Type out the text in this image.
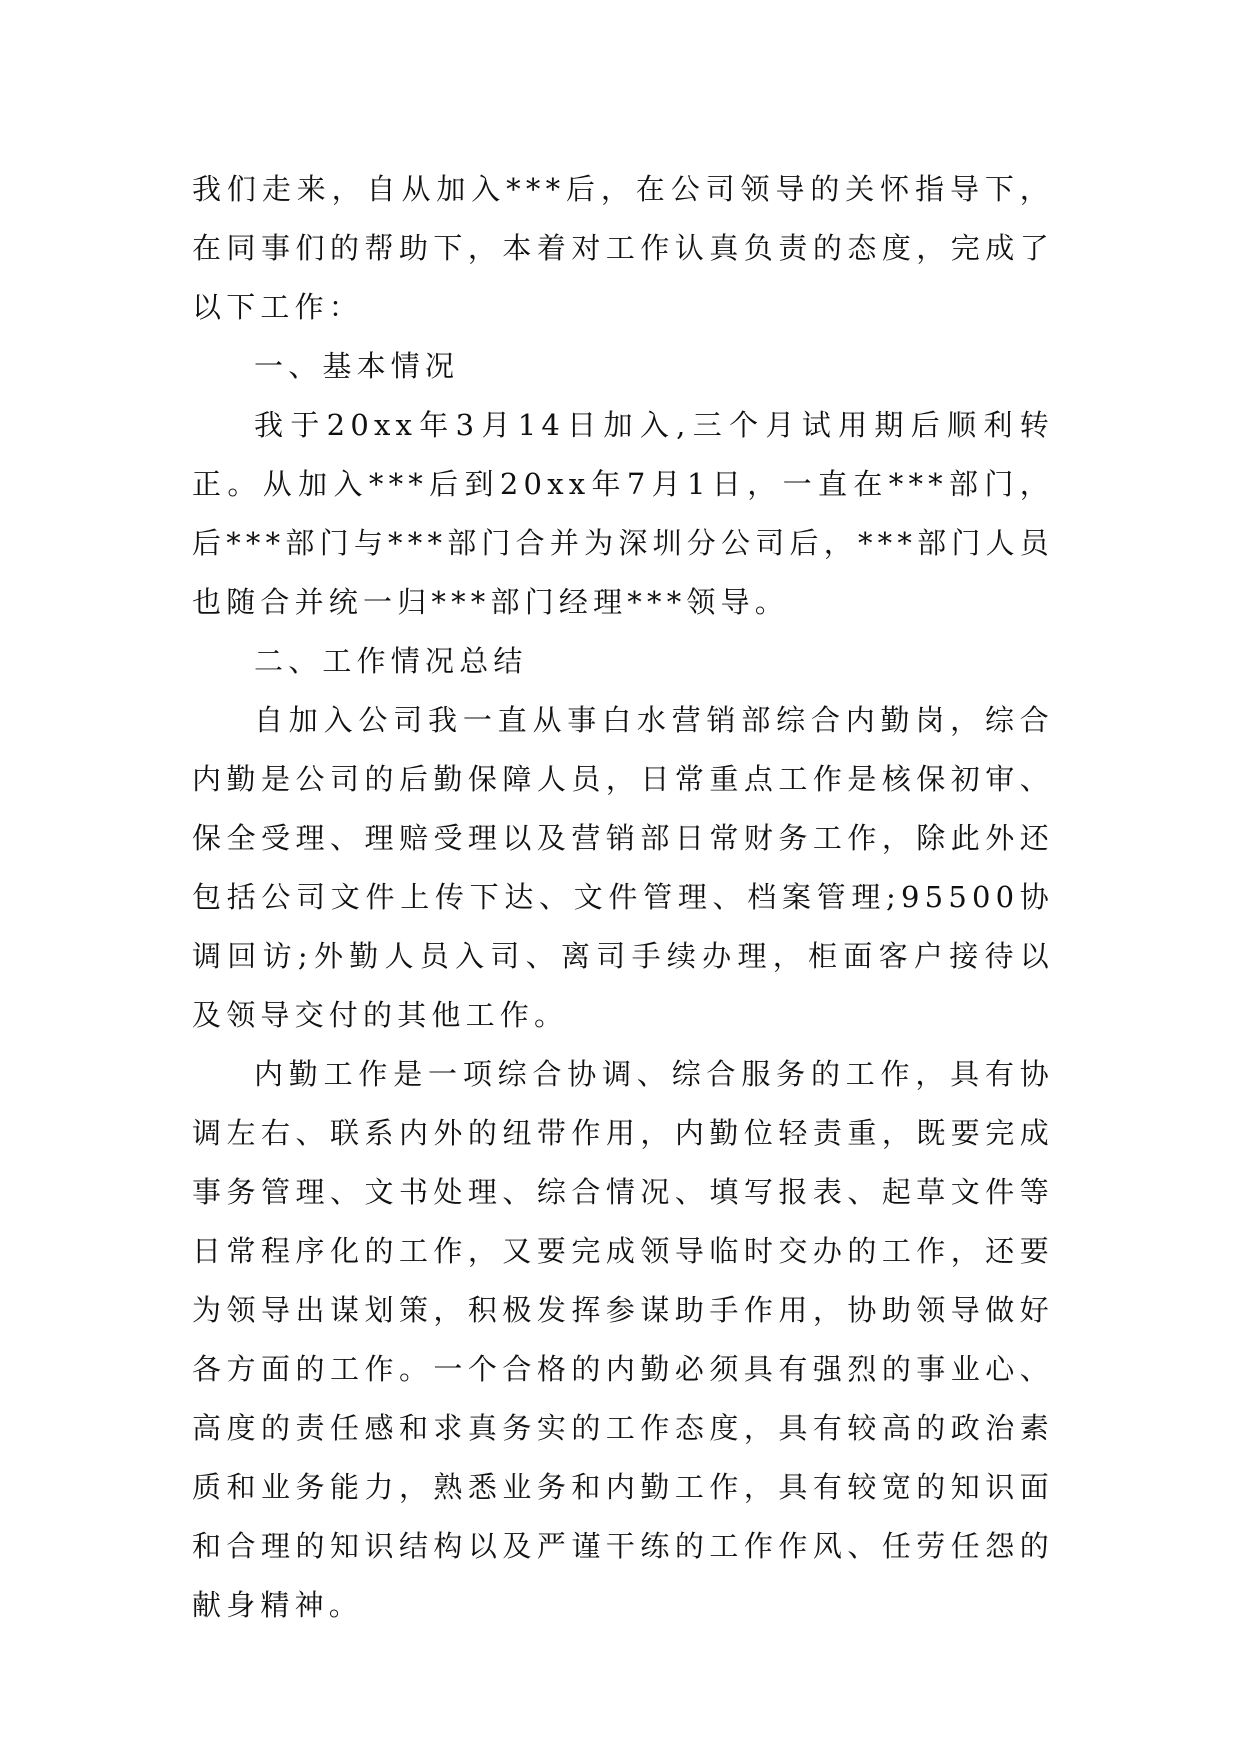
我们走来，自从加入***后，在公司领导的关怀指导下，在同事们的帮助下，本着对工作认真负责的态度，完成了以下工作：

一、基本情况

我于20xx年3月14日加入,三个月试用期后顺利转正。从加入***后到20xx年7月1日，一直在***部门，后***部门与***部门合并为深圳分公司后，***部门人员也随合并统一归***部门经理***领导。

二、工作情况总结

自加入公司我一直从事白水营销部综合内勤岗，综合内勤是公司的后勤保障人员，日常重点工作是核保初审、保全受理、理赔受理以及营销部日常财务工作，除此外还包括公司文件上传下达、文件管理、档案管理;95500协调回访;外勤人员入司、离司手续办理，柜面客户接待以及领导交付的其他工作。

内勤工作是一项综合协调、综合服务的工作，具有协调左右、联系内外的纽带作用，内勤位轻责重，既要完成事务管理、文书处理、综合情况、填写报表、起草文件等日常程序化的工作，又要完成领导临时交办的工作，还要为领导出谋划策，积极发挥参谋助手作用，协助领导做好各方面的工作。一个合格的内勤必须具有强烈的事业心、高度的责任感和求真务实的工作态度，具有较高的政治素质和业务能力，熟悉业务和内勤工作，具有较宽的知识面和合理的知识结构以及严谨干练的工作作风、任劳任怨的献身精神。
